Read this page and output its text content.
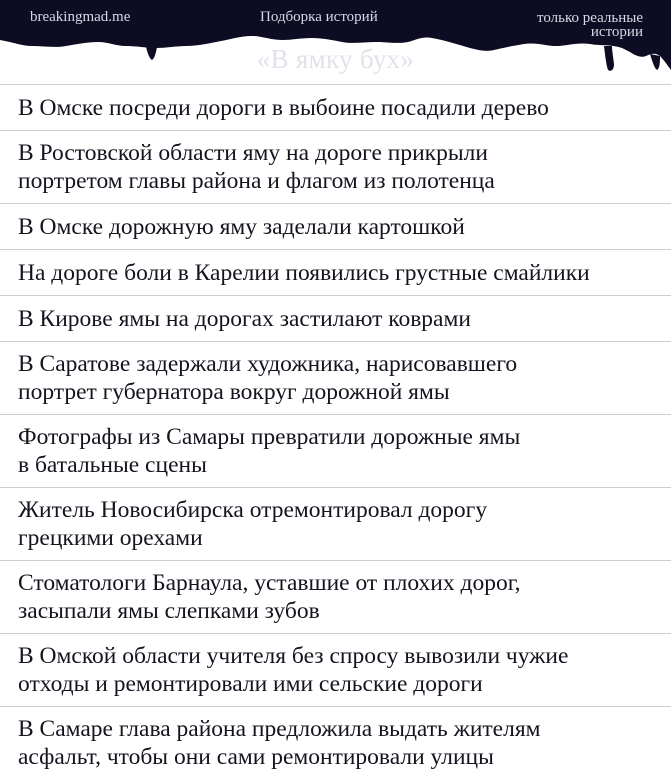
breakingmad.me	Подборка историй	только реальные
истории
«В ямку бух»
В Омске посреди дороги в выбоине посадили дерево
В Ростовской области яму на дороге прикрыли
портретом главы района и флагом из полотенца
В Омске дорожную яму заделали картошкой
На дороге боли в Карелии появились грустные смайлики
В Кирове ямы на дорогах застилают коврами
В Саратове задержали художника, нарисовавшего
портрет губернатора вокруг дорожной ямы
Фотографы из Самары превратили дорожные ямы
в батальные сцены
Житель Новосибирска отремонтировал дорогу
грецкими орехами
Стоматологи Барнаула, уставшие от плохих дорог,
засыпали ямы слепками зубов
В Омской области учителя без спросу вывозили чужие
отходы и ремонтировали ими сельские дороги
В Самаре глава района предложила выдать жителям
асфальт, чтобы они сами ремонтировали улицы
